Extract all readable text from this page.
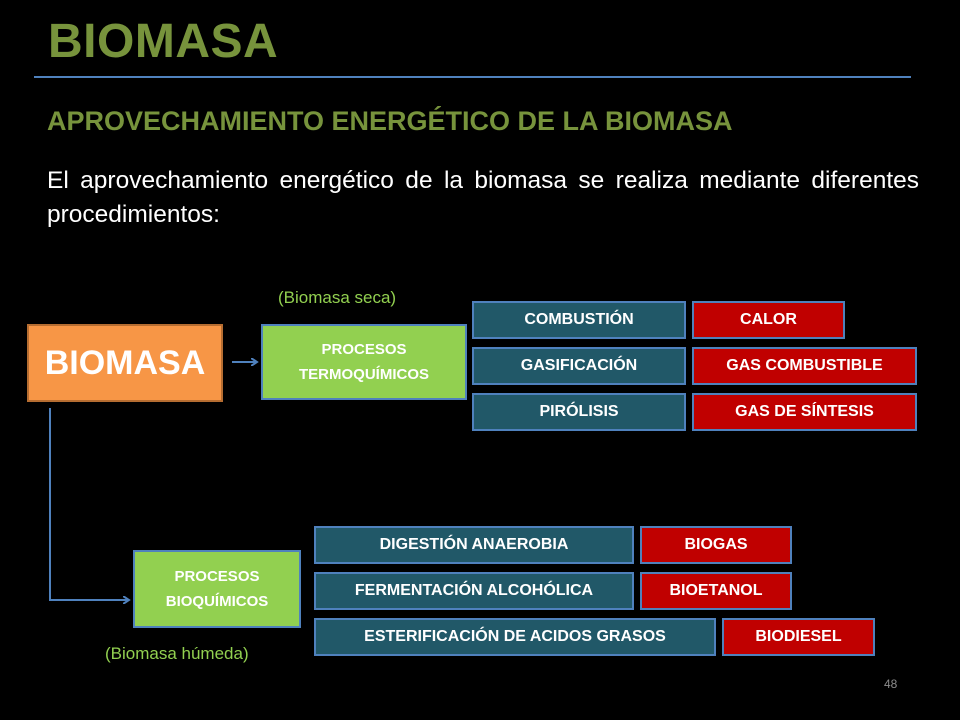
BIOMASA
APROVECHAMIENTO ENERGÉTICO DE LA BIOMASA
El aprovechamiento energético de la biomasa se realiza mediante diferentes procedimientos:
(Biomasa seca)
BIOMASA	PROCESOS
TERMOQUÍMICOS
COMBUSTIÓN
GASIFICACIÓN
PIRÓLISIS
CALOR
GAS COMBUSTIBLE
GAS DE SÍNTESIS
PROCESOS
BIOQUÍMICOS
DIGESTIÓN ANAEROBIA
FERMENTACIÓN ALCOHÓLICA
ESTERIFICACIÓN DE ACIDOS GRASOS
BIOGAS
BIOETANOL
BIODIESEL
(Biomasa húmeda)
48
